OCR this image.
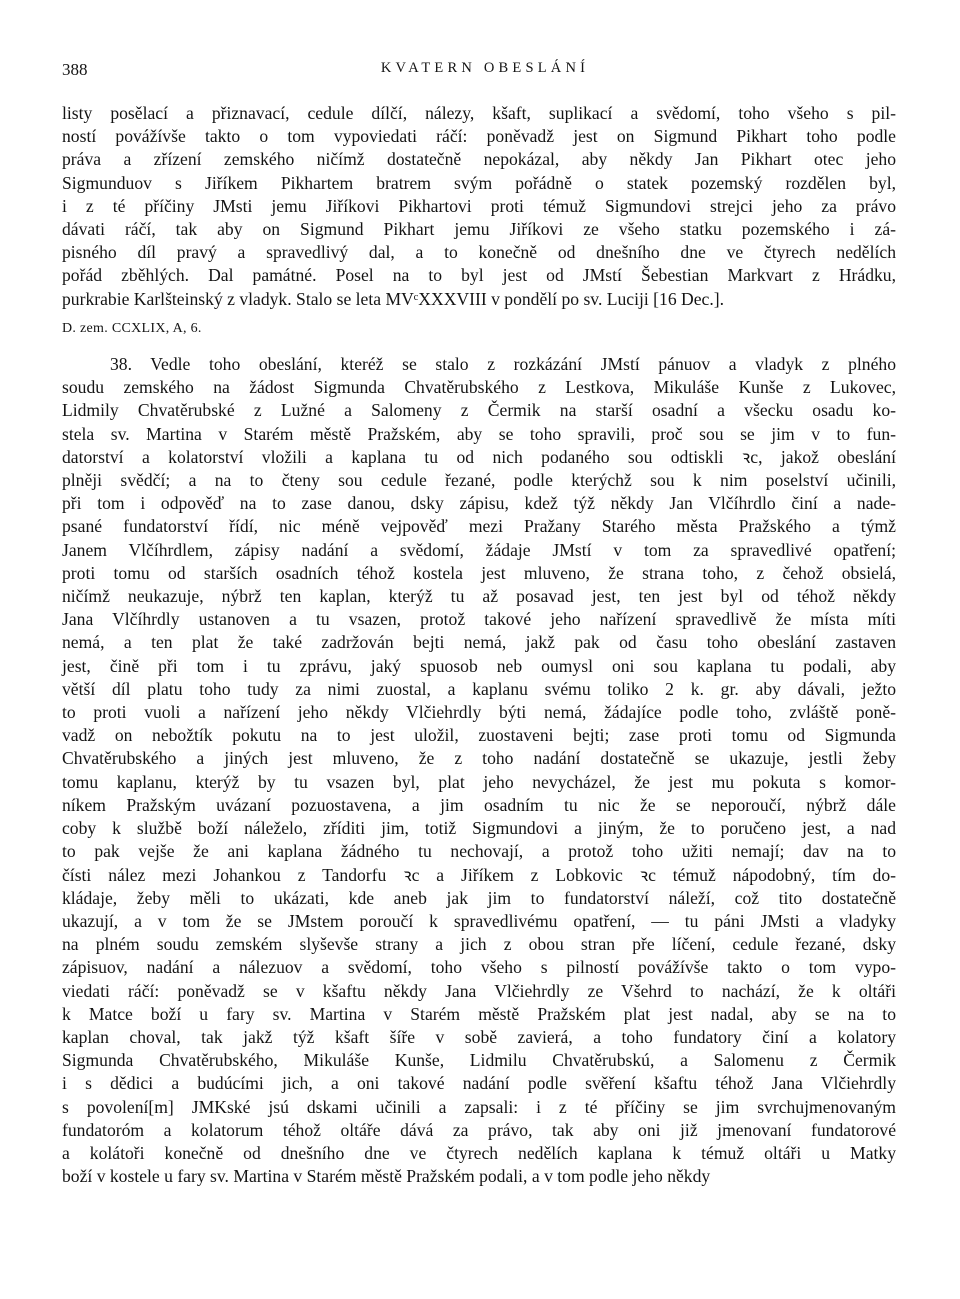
388	KVATERN OBESLÁNÍ
listy posělací a přiznavací, cedule dílčí, nálezy, kšaft, suplikací a svědomí, toho všeho s pil-
ností povážívše takto o tom vypoviedati ráčí: poněvadž jest on Sigmund Pikhart toho podle
práva a zřízení zemského ničímž dostatečně nepokázal, aby někdy Jan Pikhart otec jeho
Sigmunduov s Jiříkem Pikhartem bratrem svým pořádně o statek pozemský rozdělen byl,
i z té příčiny JMsti jemu Jiříkovi Pikhartovi proti témuž Sigmundovi strejci jeho za právo
dávati ráčí, tak aby on Sigmund Pikhart jemu Jiříkovi ze všeho statku pozemského i zá-
pisného díl pravý a spravedlivý dal, a to konečně od dnešního dne ve čtyrech nedělích
pořád zběhlých. Dal památné. Posel na to byl jest od JMstí Šebestian Markvart z Hrádku,
purkrabie Karlšteinský z vladyk. Stalo se leta MVᶜXXXVIII v pondělí po sv. Luciji [16 Dec.].
D. zem. CCXLIX, A, 6.
38. Vedle toho obeslání, kteréž se stalo z rozkázání JMstí pánuov a vladyk z plného
soudu zemského na žádost Sigmunda Chvatěrubského z Lestkova, Mikuláše Kunše z Lukovec,
Lidmily Chvatěrubské z Lužné a Salomeny z Čermik na starší osadní a všecku osadu ko-
stela sv. Martina v Starém městě Pražském, aby se toho spravili, proč sou se jim v to fun-
datorství a kolatorství vložili a kaplana tu od nich podaného sou odtiskli ꝛc, jakož obeslání
plněji svědčí; a na to čteny sou cedule řezané, podle kterýchž sou k nim poselství učinili,
při tom i odpověď na to zase danou, dsky zápisu, kdež týž někdy Jan Vlčíhrdlo činí a nade-
psané fundatorství řídí, nic méně vejpověď mezi Pražany Starého města Pražského a týmž
Janem Vlčíhrdlem, zápisy nadání a svědomí, žádaje JMstí v tom za spravedlivé opatření;
proti tomu od starších osadních téhož kostela jest mluveno, že strana toho, z čehož obsielá,
ničímž neukazuje, nýbrž ten kaplan, kterýž tu až posavad jest, ten jest byl od téhož někdy
Jana Vlčíhrdly ustanoven a tu vsazen, protož takové jeho nařízení spravedlivě že místa míti
nemá, a ten plat že také zadržován bejti nemá, jakž pak od času toho obeslání zastaven
jest, čině při tom i tu zprávu, jaký spuosob neb oumysl oni sou kaplana tu podali, aby
větší díl platu toho tudy za nimi zuostal, a kaplanu svému toliko 2 k. gr. aby dávali, ježto
to proti vuoli a nařízení jeho někdy Vlčiehrdly býti nemá, žádajíce podle toho, zvláště poně-
vadž on nebožtík pokutu na to jest uložil, zuostaveni bejti; zase proti tomu od Sigmunda
Chvatěrubského a jiných jest mluveno, že z toho nadání dostatečně se ukazuje, jestli žeby
tomu kaplanu, kterýž by tu vsazen byl, plat jeho nevycházel, že jest mu pokuta s komor-
níkem Pražským uvázaní pozuostavena, a jim osadním tu nic že se neporoučí, nýbrž dále
coby k službě boží náleželo, zříditi jim, totiž Sigmundovi a jiným, že to poručeno jest, a nad
to pak vejše že ani kaplana žádného tu nechovají, a protož toho užiti nemají; dav na to
čísti nález mezi Johankou z Tandorfu ꝛc a Jiříkem z Lobkovic ꝛc témuž nápodobný, tím do-
kládaje, žeby měli to ukázati, kde aneb jak jim to fundatorství náleží, což tito dostatečně
ukazují, a v tom že se JMstem poroučí k spravedlivému opatření, — tu páni JMsti a vladyky
na plném soudu zemském slyševše strany a jich z obou stran pře líčení, cedule řezané, dsky
zápisuov, nadání a nálezuov a svědomí, toho všeho s pilností povážívše takto o tom vypo-
viedati ráčí: poněvadž se v kšaftu někdy Jana Vlčiehrdly ze Všehrd to nachází, že k oltáři
k Matce boží u fary sv. Martina v Starém městě Pražském plat jest nadal, aby se na to
kaplan choval, tak jakž týž kšaft šíře v sobě zavierá, a toho fundatory činí a kolatory
Sigmunda Chvatěrubského, Mikuláše Kunše, Lidmilu Chvatěrubskú, a Salomenu z Čermik
i s dědici a budúcími jich, a oni takové nadání podle svěření kšaftu téhož Jana Vlčiehrdly
s povolení[m] JMKské jsú dskami učinili a zapsali: i z té příčiny se jim svrchujmenovaným
fundatoróm a kolatorum téhož oltáře dává za právo, tak aby oni již jmenovaní fundatorové
a kolátoři konečně od dnešního dne ve čtyrech nedělích kaplana k témuž oltáři u Matky
boží v kostele u fary sv. Martina v Starém městě Pražském podali, a v tom podle jeho někdy
